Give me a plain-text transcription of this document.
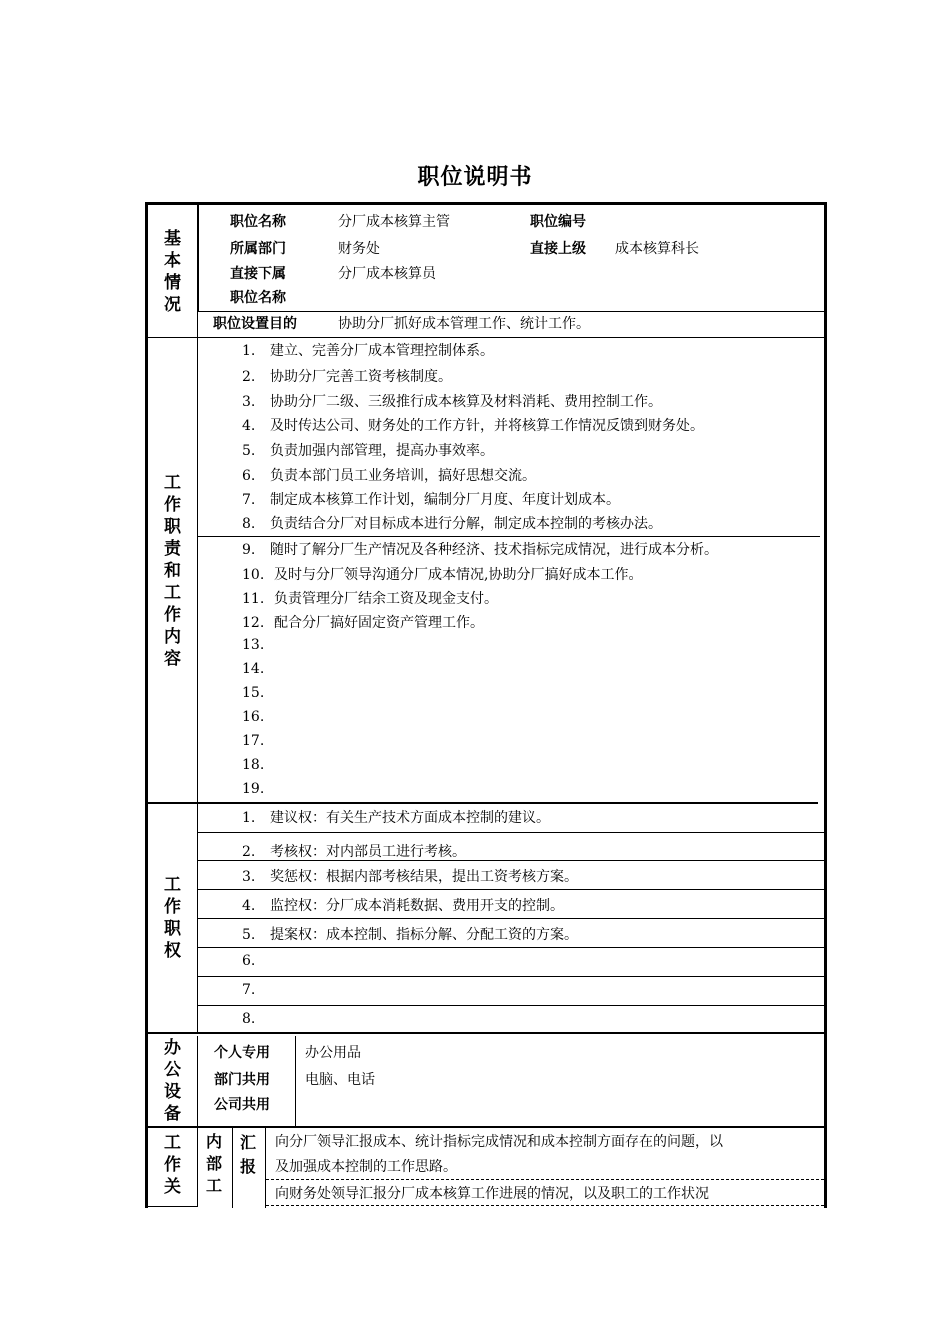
职位说明书
基
本
情
况
职位名称	分厂成本核算主管	职位编号
所属部门	财务处	直接上级 成本核算科长
直接下属	分厂成本核算员
职位名称
职位设置目的	协助分厂抓好成本管理工作、统计工作。
工
作
职
责
和
工
作
内
容
1. 建立、完善分厂成本管理控制体系。
2. 协助分厂完善工资考核制度。
3. 协助分厂二级、三级推行成本核算及材料消耗、费用控制工作。
4. 及时传达公司、财务处的工作方针，并将核算工作情况反馈到财务处。
5. 负责加强内部管理，提高办事效率。
6. 负责本部门员工业务培训，搞好思想交流。
7. 制定成本核算工作计划，编制分厂月度、年度计划成本。
8. 负责结合分厂对目标成本进行分解，制定成本控制的考核办法。
9. 随时了解分厂生产情况及各种经济、技术指标完成情况，进行成本分析。
10. 及时与分厂领导沟通分厂成本情况,协助分厂搞好成本工作。
11. 负责管理分厂结余工资及现金支付。
12. 配合分厂搞好固定资产管理工作。
13.
14.
15.
16.
17.
18.
19.
工
作
职
权
1. 建议权：有关生产技术方面成本控制的建议。
2. 考核权：对内部员工进行考核。
3. 奖惩权：根据内部考核结果，提出工资考核方案。
4. 监控权：分厂成本消耗数据、费用开支的控制。
5. 提案权：成本控制、指标分解、分配工资的方案。
6.
7.
8.
办
公
设
备
个人专用	办公用品
部门共用	电脑、电话
公司共用
工
作
关
内部工
汇报
向分厂领导汇报成本、统计指标完成情况和成本控制方面存在的问题，以
及加强成本控制的工作思路。
向财务处领导汇报分厂成本核算工作进展的情况，以及职工的工作状况
